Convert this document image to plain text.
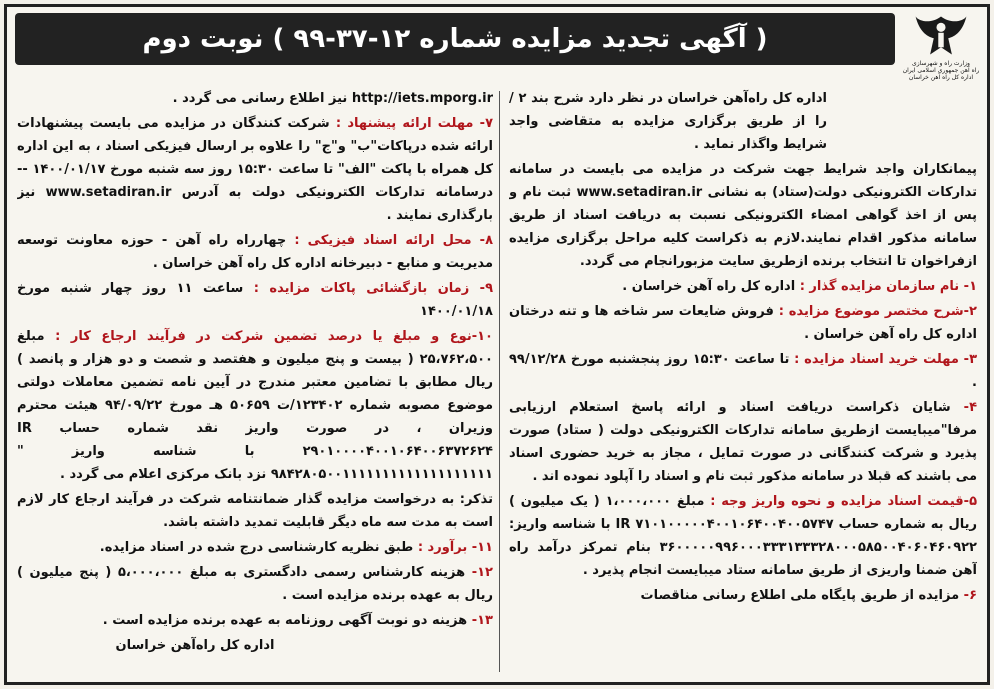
( آگهی تجدید مزایده شماره ۱۲-۳۷-۹۹ ) نوبت دوم
وزارت راه و شهرسازی
راه آهن جمهوری اسلامی ایران
اداره کل راه آهن خراسان

اداره کل راه‌آهن خراسان در نظر دارد شرح بند ۲ / را از طریق برگزاری مزایده به متقاضی واجد شرایط واگذار نماید .

پیمانکاران واجد شرایط جهت شرکت در مزایده می بایست در سامانه تدارکات الکترونیکی دولت(ستاد) به نشانی www.setadiran.ir ثبت نام و پس از اخذ گواهی امضاء الکترونیکی نسبت به دریافت اسناد از طریق سامانه مذکور اقدام نمایند.لازم به ذکراست کلیه مراحل برگزاری مزایده ازفراخوان تا انتخاب برنده ازطریق سایت مزبورانجام می گردد.

۱- نام سازمان مزایده گذار : اداره کل راه آهن خراسان .

۲-شرح مختصر موضوع مزایده : فروش ضایعات سر شاخه ها و تنه درختان اداره کل راه آهن خراسان .

۳- مهلت خرید اسناد مزایده : تا ساعت ۱۵:۳۰ روز پنجشنبه مورخ ۹۹/۱۲/۲۸ .

۴- شایان ذکراست دریافت اسناد و ارائه پاسخ استعلام ارزیابی مرفا"میبایست ازطریق سامانه تدارکات الکترونیکی دولت ( ستاد) صورت پذیرد و شرکت کنندگانی در صورت تمایل ، مجاز به خرید حضوری اسناد می باشند که قبلا در سامانه مذکور ثبت نام و اسناد را آپلود نموده اند .

۵-قیمت اسناد مزایده و نحوه واریز وجه : مبلغ ۱،۰۰۰،۰۰۰ ( یک میلیون ) ریال به شماره حساب IR ۷۱۰۱۰۰۰۰۰۴۰۰۱۰۶۴۰۰۴۰۰۵۷۴۷ با شناسه واریز: ۳۶۰۰۰۰۰۹۹۶۰۰۰۳۳۳۱۳۳۳۲۸۰۰۰۵۸۵۰۰۴۰۶۰۴۶۰۹۲۲ بنام تمرکز درآمد راه آهن ضمنا واریزی از طریق سامانه ستاد میبایست انجام پذیرد .

۶- مزایده از طریق پایگاه ملی اطلاع رسانی مناقصات

http://iets.mporg.ir نیز اطلاع رسانی می گردد .

۷- مهلت ارائه پیشنهاد : شرکت کنندگان در مزایده می بایست پیشنهادات ارائه شده درپاکات"ب" و"ج" را علاوه بر ارسال فیزیکی اسناد ، به این اداره کل همراه با پاکت "الف" تا ساعت ۱۵:۳۰ روز سه شنبه مورخ ۱۴۰۰/۰۱/۱۷ --درسامانه تدارکات الکترونیکی دولت به آدرس www.setadiran.ir نیز بارگذاری نمایند .

۸- محل ارائه اسناد فیزیکی : چهارراه راه آهن - حوزه معاونت توسعه مدیریت و منابع - دبیرخانه اداره کل راه آهن خراسان .

۹- زمان بازگشائی پاکات مزایده : ساعت ۱۱ روز چهار شنبه مورخ ۱۴۰۰/۰۱/۱۸

۱۰-نوع و مبلغ یا درصد تضمین شرکت در فرآیند ارجاع کار : مبلغ ۲۵،۷۶۲،۵۰۰ ( بیست و پنج میلیون و هفتصد و شصت و دو هزار و پانصد ) ریال مطابق با تضامین معتبر مندرج در آیین نامه تضمین معاملات دولتی موضوع مصوبه شماره ۱۲۳۴۰۲/ت ۵۰۶۵۹ هـ مورخ ۹۴/۰۹/۲۲ هیئت محترم وزیران ، در صورت واریز نقد شماره حساب IR ۲۹۰۱۰۰۰۰۴۰۰۱۰۶۴۰۰۶۳۷۲۶۲۴ با شناسه واریز " ۹۸۴۲۸۰۵۰۰۱۱۱۱۱۱۱۱۱۱۱۱۱۱۱۱۱۱۱ نزد بانک مرکزی اعلام می گردد .

تذکر: به درخواست مزایده گذار ضمانتنامه شرکت در فرآیند ارجاع کار لازم است به مدت سه ماه دیگر قابلیت تمدید داشته باشد.

۱۱- برآورد : طبق نظریه کارشناسی درج شده در اسناد مزایده.

۱۲- هزینه کارشناس رسمی دادگستری به مبلغ ۵،۰۰۰،۰۰۰ ( پنج میلیون ) ریال به عهده برنده مزایده است .

۱۳- هزینه دو نوبت آگهی روزنامه به عهده برنده مزایده است .

اداره کل راه‌آهن خراسان
